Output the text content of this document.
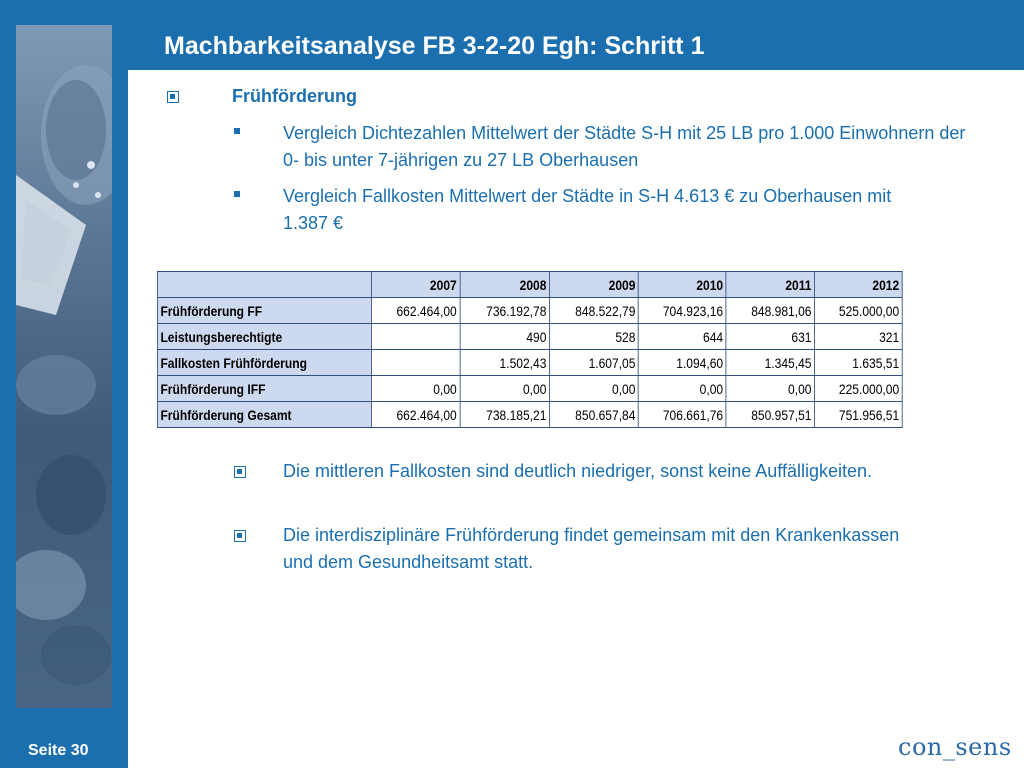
Machbarkeitsanalyse FB 3-2-20 Egh: Schritt 1
Frühförderung
Vergleich Dichtezahlen Mittelwert der Städte S-H mit 25 LB pro 1.000 Einwohnern der 0- bis unter 7-jährigen zu 27 LB Oberhausen
Vergleich Fallkosten Mittelwert der Städte in S-H 4.613 € zu Oberhausen mit 1.387 €
	2007	2008	2009	2010	2011	2012
Frühförderung FF	662.464,00	736.192,78	848.522,79	704.923,16	848.981,06	525.000,00
Leistungsberechtigte		490	528	644	631	321
Fallkosten Frühförderung		1.502,43	1.607,05	1.094,60	1.345,45	1.635,51
Frühförderung IFF	0,00	0,00	0,00	0,00	0,00	225.000,00
Frühförderung Gesamt	662.464,00	738.185,21	850.657,84	706.661,76	850.957,51	751.956,51
Die mittleren Fallkosten sind deutlich niedriger, sonst keine Auffälligkeiten.
Die interdisziplinäre Frühförderung findet gemeinsam mit den Krankenkassen und dem Gesundheitsamt statt.
Seite 30	con_sens
